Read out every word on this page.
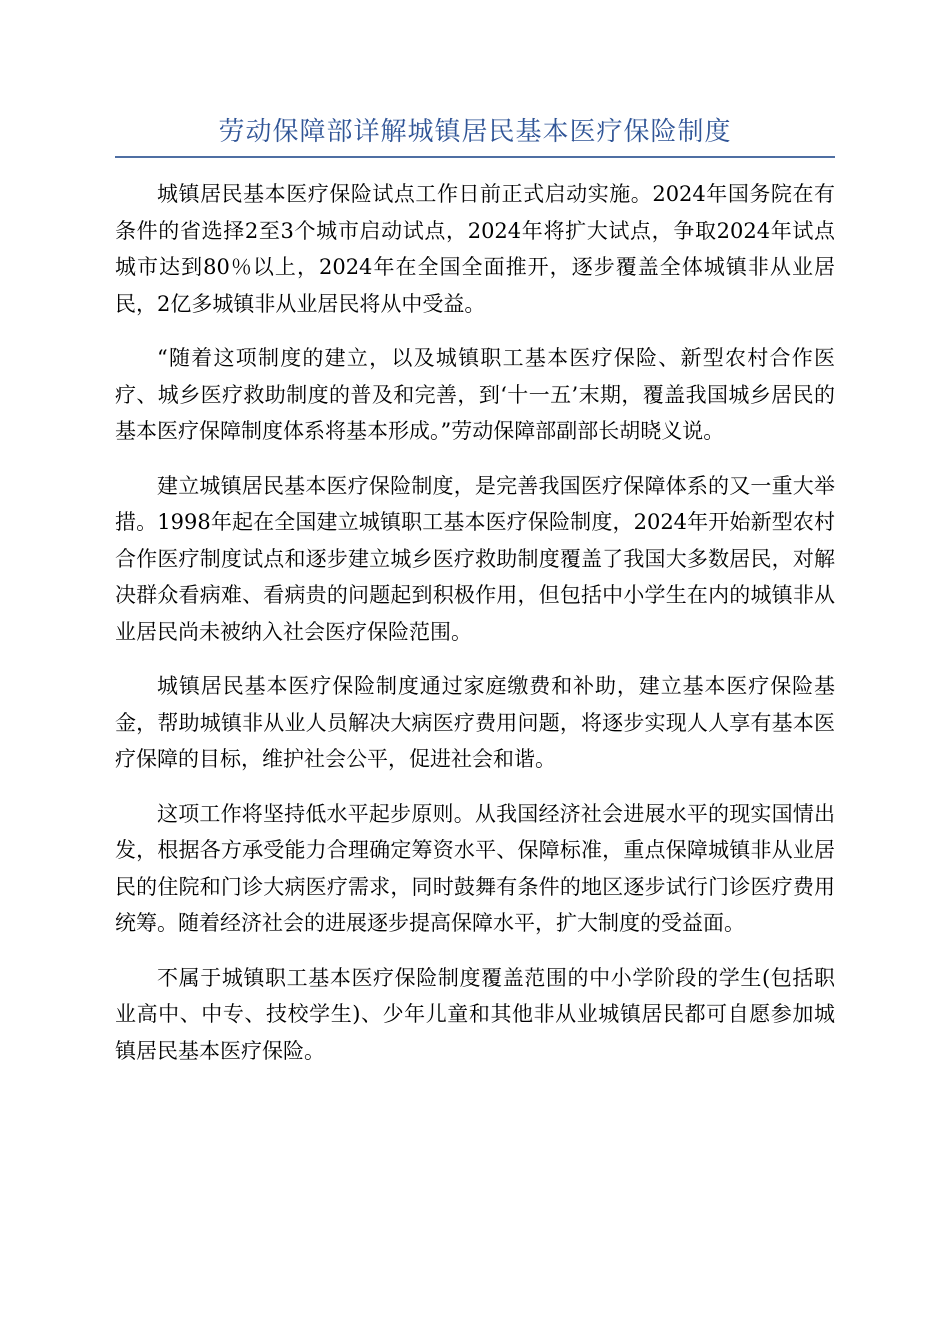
劳动保障部详解城镇居民基本医疗保险制度

城镇居民基本医疗保险试点工作日前正式启动实施。2024年国务院在有条件的省选择2至3个城市启动试点，2024年将扩大试点，争取2024年试点城市达到80％以上，2024年在全国全面推开，逐步覆盖全体城镇非从业居民，2亿多城镇非从业居民将从中受益。

“随着这项制度的建立，以及城镇职工基本医疗保险、新型农村合作医疗、城乡医疗救助制度的普及和完善，到‘十一五’末期，覆盖我国城乡居民的基本医疗保障制度体系将基本形成。”劳动保障部副部长胡晓义说。

建立城镇居民基本医疗保险制度，是完善我国医疗保障体系的又一重大举措。1998年起在全国建立城镇职工基本医疗保险制度，2024年开始新型农村合作医疗制度试点和逐步建立城乡医疗救助制度覆盖了我国大多数居民，对解决群众看病难、看病贵的问题起到积极作用，但包括中小学生在内的城镇非从业居民尚未被纳入社会医疗保险范围。

城镇居民基本医疗保险制度通过家庭缴费和补助，建立基本医疗保险基金，帮助城镇非从业人员解决大病医疗费用问题，将逐步实现人人享有基本医疗保障的目标，维护社会公平，促进社会和谐。

这项工作将坚持低水平起步原则。从我国经济社会进展水平的现实国情出发，根据各方承受能力合理确定筹资水平、保障标准，重点保障城镇非从业居民的住院和门诊大病医疗需求，同时鼓舞有条件的地区逐步试行门诊医疗费用统筹。随着经济社会的进展逐步提高保障水平，扩大制度的受益面。

不属于城镇职工基本医疗保险制度覆盖范围的中小学阶段的学生(包括职业高中、中专、技校学生)、少年儿童和其他非从业城镇居民都可自愿参加城镇居民基本医疗保险。
